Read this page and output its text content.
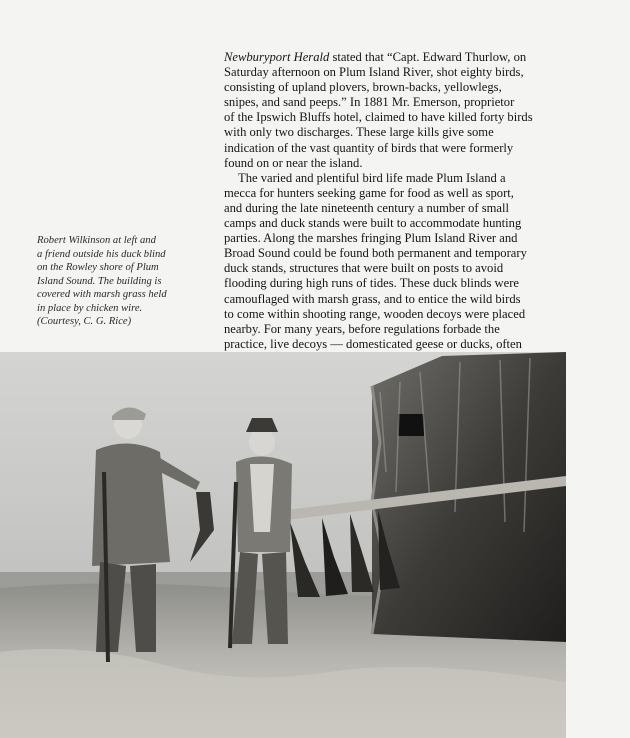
Robert Wilkinson at left and
a friend outside his duck blind
on the Rowley shore of Plum
Island Sound. The building is
covered with marsh grass held
in place by chicken wire.
(Courtesy, C. G. Rice)
Newburyport Herald stated that “Capt. Edward Thurlow, on
Saturday afternoon on Plum Island River, shot eighty birds,
consisting of upland plovers, brown-backs, yellowlegs,
snipes, and sand peeps.” In 1881 Mr. Emerson, proprietor
of the Ipswich Bluffs hotel, claimed to have killed forty birds
with only two discharges. These large kills give some
indication of the vast quantity of birds that were formerly
found on or near the island.
The varied and plentiful bird life made Plum Island a
mecca for hunters seeking game for food as well as sport,
and during the late nineteenth century a number of small
camps and duck stands were built to accommodate hunting
parties. Along the marshes fringing Plum Island River and
Broad Sound could be found both permanent and temporary
duck stands, structures that were built on posts to avoid
flooding during high runs of tides. These duck blinds were
camouflaged with marsh grass, and to entice the wild birds
to come within shooting range, wooden decoys were placed
nearby. For many years, before regulations forbade the
practice, live decoys — domesticated geese or ducks, often
